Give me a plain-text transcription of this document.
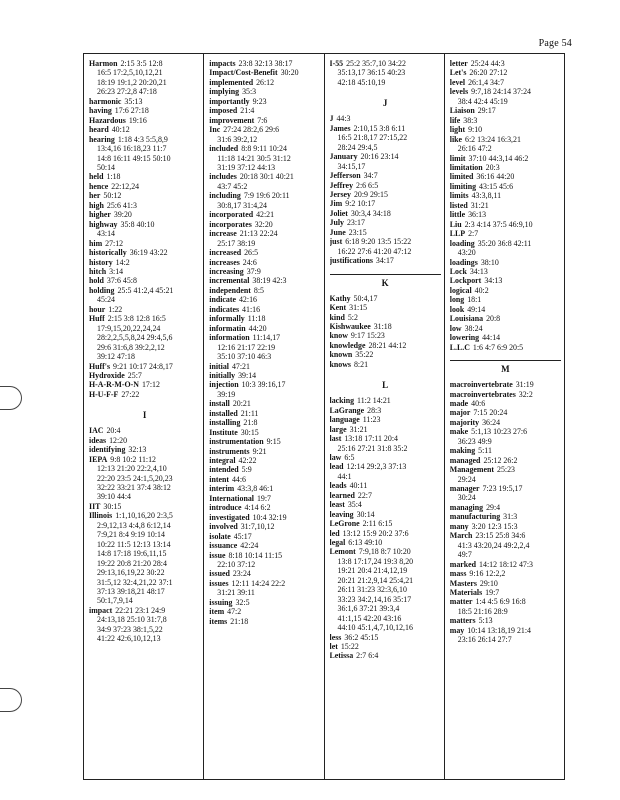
Page 54
Harmon 2:15 3:5 12:8
16:5 17:2,5,10,12,21
18:19 19:1,2 20:20,21
26:23 27:2,8 47:18
harmonic 35:13
having 17:6 27:18
Hazardous 19:16
heard 40:12
hearing 1:18 4:3 5:5,8,9
13:4,16 16:18,23 11:7
14:8 16:11 49:15 50:10
50:14
held 1:18
hence 22:12,24
her 50:12
high 25:6 41:3
higher 39:20
highway 35:8 40:10
43:14
him 27:12
historically 36:19 43:22
history 14:2
hitch 3:14
hold 37:6 45:8
holding 25:5 41:2,4 45:21
45:24
hour 1:22
Huff 2:15 3:8 12:8 16:5
17:9,15,20,22,24,24
28:2,2,5,5,8,24 29:4,5,6
29:6 31:6,8 39:2,2,12
39:12 47:18
Huff's 9:21 10:17 24:8,17
Hydroxide 25:7
H-A-R-M-O-N 17:12
H-U-F-F 27:22
I
IAC 20:4
ideas 12:20
identifying 32:13
IEPA 9:8 10:2 11:12
12:13 21:20 22:2,4,10
22:20 23:5 24:1,5,20,23
32:22 33:21 37:4 38:12
39:10 44:4
IIT 30:15
Illinois 1:1,10,16,20 2:3,5
2:9,12,13 4:4,8 6:12,14
7:9,21 8:4 9:19 10:14
10:22 11:5 12:13 13:14
14:8 17:18 19:6,11,15
19:22 20:8 21:20 28:4
29:13,16,19,22 30:22
31:5,12 32:4,21,22 37:1
37:13 39:18,21 48:17
50:1,7,9,14
impact 22:21 23:1 24:9
24:13,18 25:10 31:7,8
34:9 37:23 38:1,5,22
41:22 42:6,10,12,13
impacts 23:8 32:13 38:17
Impact/Cost-Benefit 30:20
implemented 26:12
implying 35:3
importantly 9:23
imposed 21:4
improvement 7:6
Inc 27:24 28:2,6 29:6
31:6 39:2,12
included 8:8 9:11 10:24
11:18 14:21 30:5 31:12
31:19 37:12 44:13
includes 20:18 30:1 40:21
43:7 45:2
including 7:9 19:6 20:11
30:8,17 31:4,24
incorporated 42:21
incorporates 32:20
increase 21:13 22:24
25:17 38:19
increased 26:5
increases 24:6
increasing 37:9
incremental 38:19 42:3
independent 8:5
indicate 42:16
indicates 41:16
informally 11:18
informatin 44:20
information 11:14,17
12:16 21:17 22:19
35:10 37:10 46:3
initial 47:21
initially 39:14
injection 10:3 39:16,17
39:19
install 20:21
installed 21:11
installing 21:8
Institute 30:15
instrumentation 9:15
instruments 9:21
integral 42:22
intended 5:9
intent 44:6
interim 43:3,8 46:1
International 19:7
introduce 4:14 6:2
investigated 10:4 32:19
involved 31:7,10,12
isolate 45:17
issuance 42:24
issue 8:18 10:14 11:15
22:10 37:12
issued 23:24
issues 12:11 14:24 22:2
31:21 39:11
issuing 32:5
item 47:2
items 21:18
I-55 25:2 35:7,10 34:22
35:13,17 36:15 40:23
42:18 45:10,19
J
J 44:3
James 2:10,15 3:8 6:11
16:5 21:8,17 27:15,22
28:24 29:4,5
January 20:16 23:14
34:15,17
Jefferson 34:7
Jeffrey 2:6 6:5
Jersey 20:9 29:15
Jim 9:2 10:17
Joliet 30:3,4 34:18
July 23:17
June 23:15
just 6:18 9:20 13:5 15:22
16:22 27:6 41:20 47:12
justifications 34:17
K
Kathy 50:4,17
Kent 31:15
kind 5:2
Kishwaukee 31:18
know 9:17 15:23
knowledge 28:21 44:12
known 35:22
knows 8:21
L
lacking 11:2 14:21
LaGrange 28:3
language 11:23
large 31:21
last 13:18 17:11 20:4
25:16 27:21 31:8 35:2
law 6:5
lead 12:14 29:2,3 37:13
44:1
leads 40:11
learned 22:7
least 35:4
leaving 30:14
LeGrone 2:11 6:15
led 13:12 15:9 20:2 37:6
legal 6:13 49:10
Lemont 7:9,18 8:7 10:20
13:8 17:17,24 19:3 8,20
19:21 20:4 21:4,12,19
20:21 21:2,9,14 25:4,21
26:11 31:23 32:3,6,10
33:23 34:2,14,16 35:17
36:1,6 37:21 39:3,4
41:1,15 42:20 43:16
44:10 45:1,4,7,10,12,16
less 36:2 45:15
let 15:22
Letissa 2:7 6:4
letter 25:24 44:3
Let's 26:20 27:12
level 26:1,4 34:7
levels 9:7,18 24:14 37:24
38:4 42:4 45:19
Liaison 29:17
life 38:3
light 9:10
like 6:2 13:24 16:3,21
26:16 47:2
limit 37:10 44:3,14 46:2
limitation 20:3
limited 36:16 44:20
limiting 43:15 45:6
limits 43:3,8,11
listed 31:21
little 36:13
Liu 2:3 4:14 37:5 46:9,10
LLP 2:7
loading 35:20 36:8 42:11
43:20
loadings 38:10
Lock 34:13
Lockport 34:13
logical 40:2
long 18:1
look 49:14
Louisiana 20:8
low 38:24
lowering 44:14
L.L.C 1:6 4:7 6:9 20:5
M
macroinvertebrate 31:19
macroinvertebrates 32:2
made 40:6
major 7:15 20:24
majority 36:24
make 5:1,13 10:23 27:6
36:23 49:9
making 5:11
managed 25:12 26:2
Management 25:23
29:24
manager 7:23 19:5,17
30:24
managing 29:4
manufacturing 31:3
many 3:20 12:3 15:3
March 23:15 25:8 34:6
41:3 43:20,24 49:2,2,4
49:7
marked 14:12 18:12 47:3
mass 9:16 12:2,2
Masters 29:10
Materials 19:7
matter 1:4 4:5 6:9 16:8
18:5 21:16 28:9
matters 5:13
may 10:14 13:18,19 21:4
23:16 26:14 27:7
